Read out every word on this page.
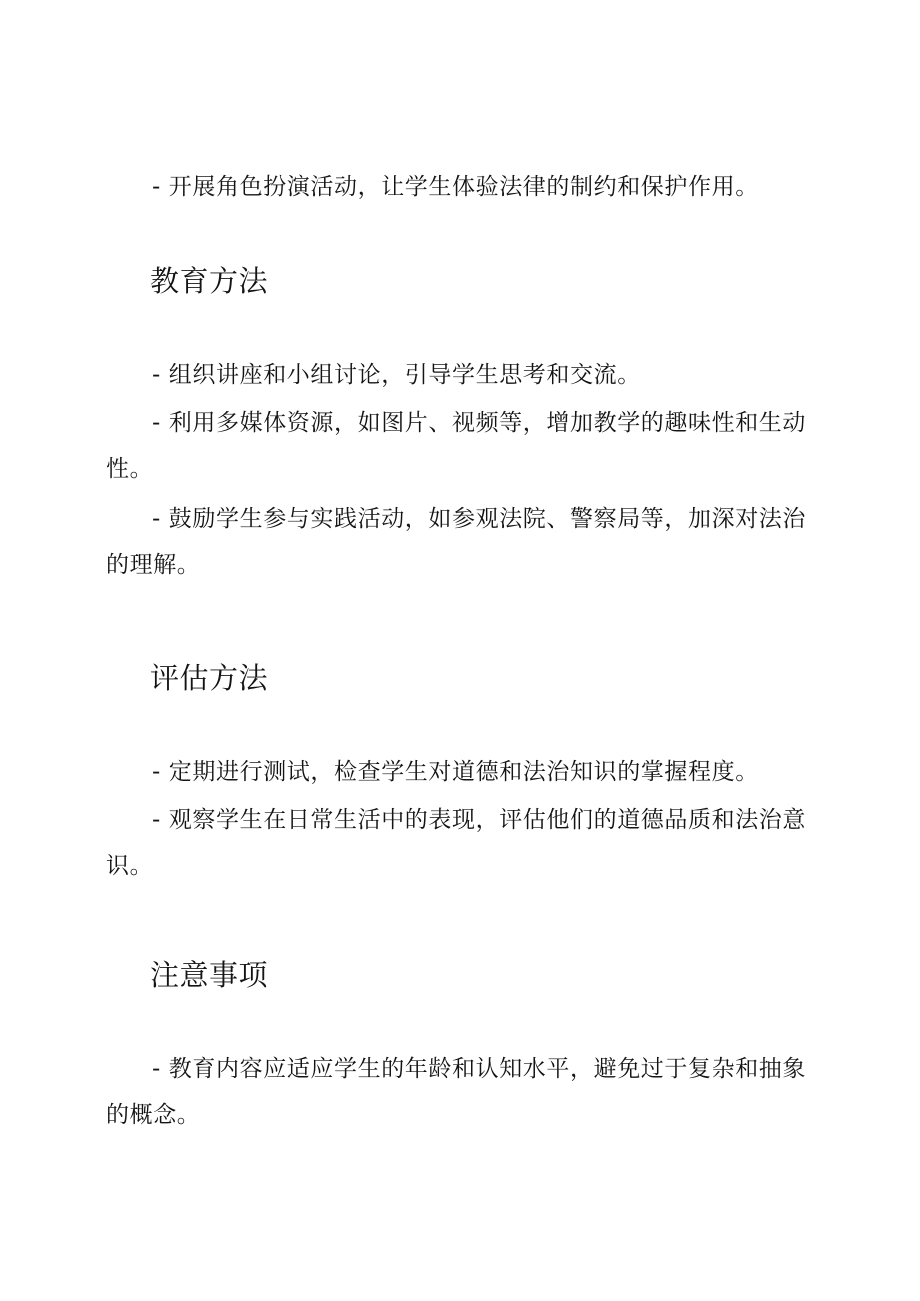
- 开展角色扮演活动，让学生体验法律的制约和保护作用。

教育方法

- 组织讲座和小组讨论，引导学生思考和交流。

- 利用多媒体资源，如图片、视频等，增加教学的趣味性和生动性。

- 鼓励学生参与实践活动，如参观法院、警察局等，加深对法治的理解。

评估方法

- 定期进行测试，检查学生对道德和法治知识的掌握程度。

- 观察学生在日常生活中的表现，评估他们的道德品质和法治意识。

注意事项

- 教育内容应适应学生的年龄和认知水平，避免过于复杂和抽象的概念。
